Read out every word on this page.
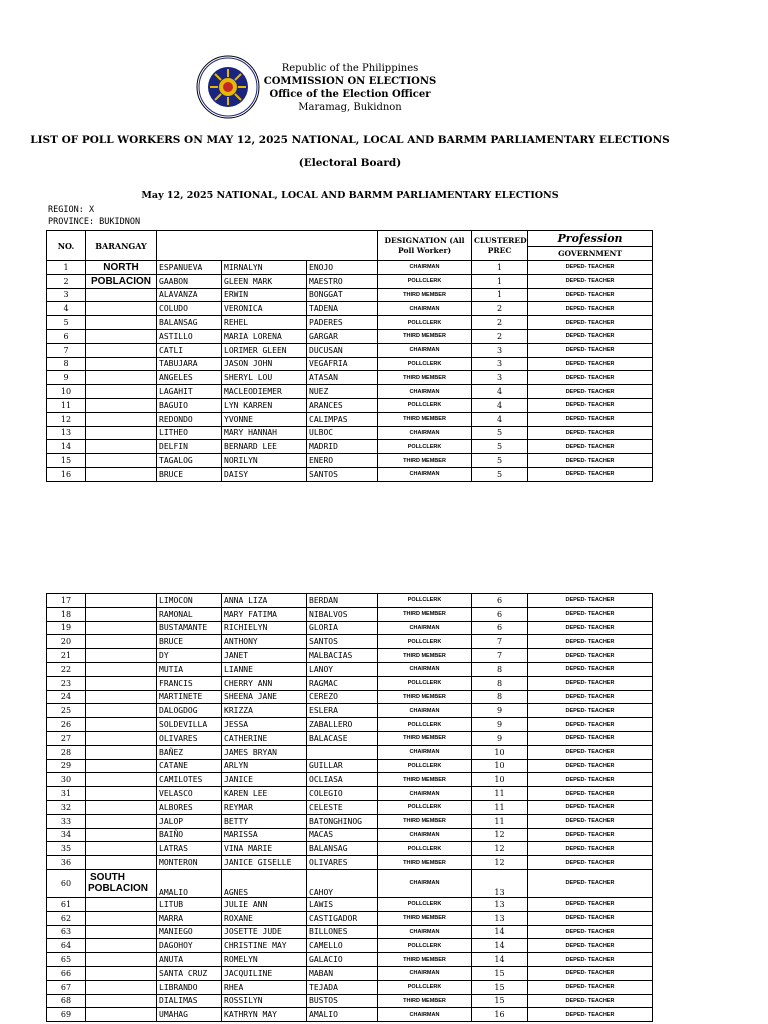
Republic of the Philippines
COMMISSION ON ELECTIONS
Office of the Election Officer
Maramag, Bukidnon
LIST OF POLL WORKERS ON MAY 12, 2025 NATIONAL, LOCAL AND BARMM PARLIAMENTARY ELECTIONS
(Electoral Board)
May 12, 2025 NATIONAL, LOCAL AND BARMM PARLIAMENTARY ELECTIONS
REGION: X
PROVINCE: BUKIDNON
NO.	BARANGAY				DESIGNATION (All Poll Worker)	CLUSTERED PREC	Profession
							GOVERNMENT
1	NORTH	ESPANUEVA	MIRNALYN	ENOJO	CHAIRMAN	1	DEPED- TEACHER
2	POBLACION	GAABON	GLEEN MARK	MAESTRO	POLLCLERK	1	DEPED- TEACHER
3		ALAVANZA	ERWIN	BONGGAT	THIRD MEMBER	1	DEPED- TEACHER
4		COLUDO	VERONICA	TADENA	CHAIRMAN	2	DEPED- TEACHER
5		BALANSAG	REHEL	PADERES	POLLCLERK	2	DEPED- TEACHER
6		ASTILLO	MARIA LORENA	GARGAR	THIRD MEMBER	2	DEPED- TEACHER
7		CATLI	LORIMER GLEEN	DUCUSAN	CHAIRMAN	3	DEPED- TEACHER
8		TABUJARA	JASON JOHN	VEGAFRIA	POLLCLERK	3	DEPED- TEACHER
9		ANGELES	SHERYL LOU	ATASAN	THIRD MEMBER	3	DEPED- TEACHER
10		LAGAHIT	MACLEODIEMER	NUEZ	CHAIRMAN	4	DEPED- TEACHER
11		BAGUIO	LYN KARREN	ARANCES	POLLCLERK	4	DEPED- TEACHER
12		REDONDO	YVONNE	CALIMPAS	THIRD MEMBER	4	DEPED- TEACHER
13		LITHEO	MARY HANNAH	ULBOC	CHAIRMAN	5	DEPED- TEACHER
14		DELFIN	BERNARD LEE	MADRID	POLLCLERK	5	DEPED- TEACHER
15		TAGALOG	NORILYN	ENERO	THIRD MEMBER	5	DEPED- TEACHER
16		BRUCE	DAISY	SANTOS	CHAIRMAN	5	DEPED- TEACHER
17		LIMOCON	ANNA LIZA	BERDAN	POLLCLERK	6	DEPED- TEACHER
18		RAMONAL	MARY FATIMA	NIBALVOS	THIRD MEMBER	6	DEPED- TEACHER
19		BUSTAMANTE	RICHIELYN	GLORIA	CHAIRMAN	6	DEPED- TEACHER
20		BRUCE	ANTHONY	SANTOS	POLLCLERK	7	DEPED- TEACHER
21		DY	JANET	MALBACIAS	THIRD MEMBER	7	DEPED- TEACHER
22		MUTIA	LIANNE	LANOY	CHAIRMAN	8	DEPED- TEACHER
23		FRANCIS	CHERRY ANN	RAGMAC	POLLCLERK	8	DEPED- TEACHER
24		MARTINETE	SHEENA JANE	CEREZO	THIRD MEMBER	8	DEPED- TEACHER
25		DALOGDOG	KRIZZA	ESLERA	CHAIRMAN	9	DEPED- TEACHER
26		SOLDEVILLA	JESSA	ZABALLERO	POLLCLERK	9	DEPED- TEACHER
27		OLIVARES	CATHERINE	BALACASE	THIRD MEMBER	9	DEPED- TEACHER
28		BAÑEZ	JAMES BRYAN		CHAIRMAN	10	DEPED- TEACHER
29		CATANE	ARLYN	GUILLAR	POLLCLERK	10	DEPED- TEACHER
30		CAMILOTES	JANICE	OCLIASA	THIRD MEMBER	10	DEPED- TEACHER
31		VELASCO	KAREN LEE	COLEGIO	CHAIRMAN	11	DEPED- TEACHER
32		ALBORES	REYMAR	CELESTE	POLLCLERK	11	DEPED- TEACHER
33		JALOP	BETTY	BATONGHINOG	THIRD MEMBER	11	DEPED- TEACHER
34		BAIÑO	MARISSA	MACAS	CHAIRMAN	12	DEPED- TEACHER
35		LATRAS	VINA MARIE	BALANSAG	POLLCLERK	12	DEPED- TEACHER
36		MONTERON	JANICE GISELLE	OLIVARES	THIRD MEMBER	12	DEPED- TEACHER
60	SOUTH
POBLACION	AMALIO	AGNES	CAHOY	CHAIRMAN	13	DEPED- TEACHER
61		LITUB	JULIE ANN	LAWIS	POLLCLERK	13	DEPED- TEACHER
62		MARRA	ROXANE	CASTIGADOR	THIRD MEMBER	13	DEPED- TEACHER
63		MANIEGO	JOSETTE JUDE	BILLONES	CHAIRMAN	14	DEPED- TEACHER
64		DAGOHOY	CHRISTINE MAY	CAMELLO	POLLCLERK	14	DEPED- TEACHER
65		ANUTA	ROMELYN	GALACIO	THIRD MEMBER	14	DEPED- TEACHER
66		SANTA CRUZ	JACQUILINE	MABAN	CHAIRMAN	15	DEPED- TEACHER
67		LIBRANDO	RHEA	TEJADA	POLLCLERK	15	DEPED- TEACHER
68		DIALIMAS	ROSSILYN	BUSTOS	THIRD MEMBER	15	DEPED- TEACHER
69		UMAHAG	KATHRYN MAY	AMALIO	CHAIRMAN	16	DEPED- TEACHER
